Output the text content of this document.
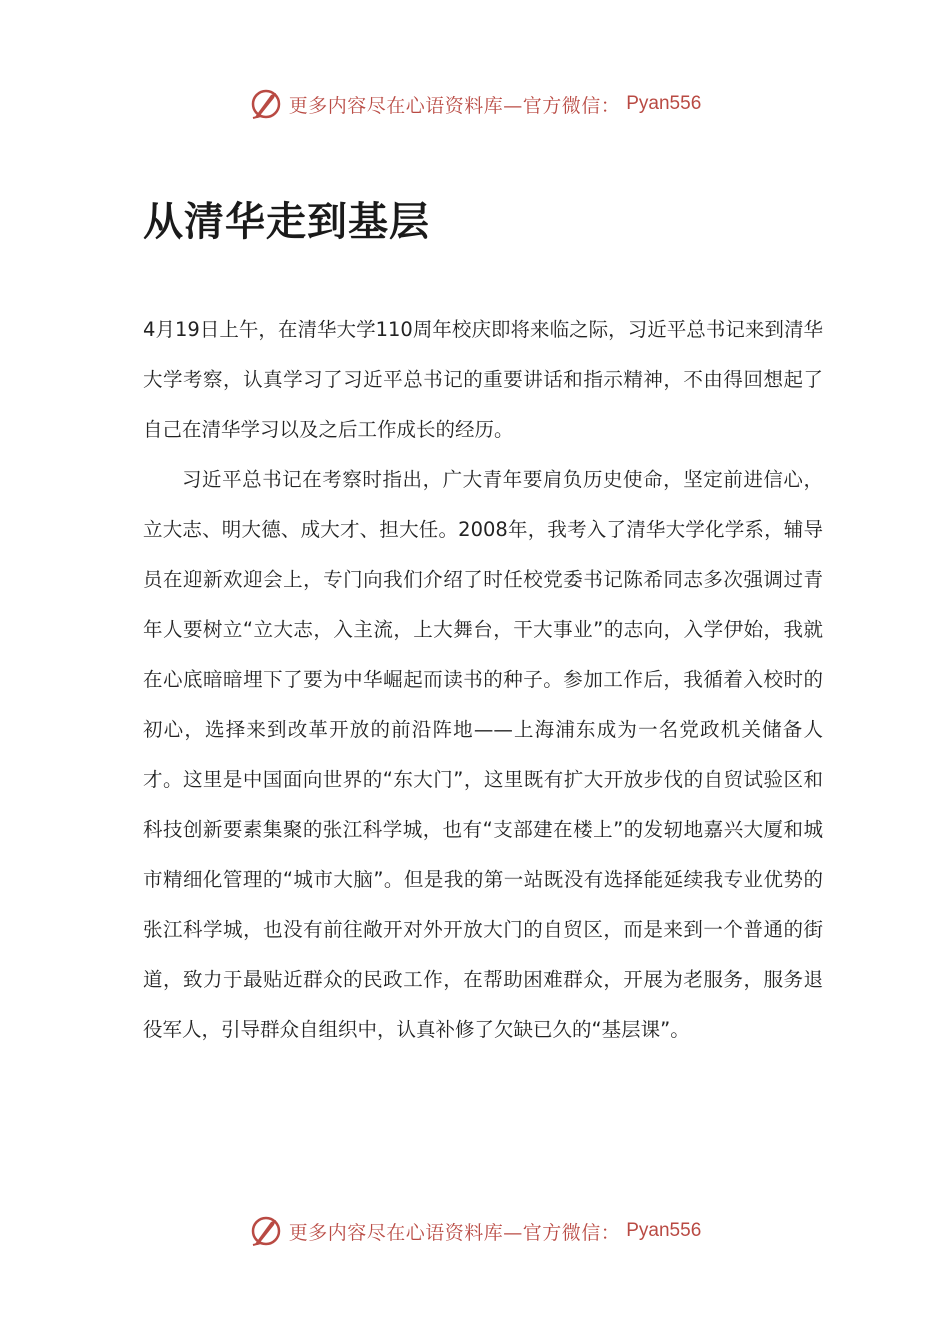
更多内容尽在心语资料库—官方微信： Pyan556
从清华走到基层

4月19日上午，在清华大学110周年校庆即将来临之际，习近平总书记来到清华大学考察，认真学习了习近平总书记的重要讲话和指示精神，不由得回想起了自己在清华学习以及之后工作成长的经历。

习近平总书记在考察时指出，广大青年要肩负历史使命，坚定前进信心，立大志、明大德、成大才、担大任。2008年，我考入了清华大学化学系，辅导员在迎新欢迎会上，专门向我们介绍了时任校党委书记陈希同志多次强调过青年人要树立“立大志，入主流，上大舞台，干大事业”的志向，入学伊始，我就在心底暗暗埋下了要为中华崛起而读书的种子。参加工作后，我循着入校时的初心，选择来到改革开放的前沿阵地——上海浦东成为一名党政机关储备人才。这里是中国面向世界的“东大门”，这里既有扩大开放步伐的自贸试验区和科技创新要素集聚的张江科学城，也有“支部建在楼上”的发轫地嘉兴大厦和城市精细化管理的“城市大脑”。但是我的第一站既没有选择能延续我专业优势的张江科学城，也没有前往敞开对外开放大门的自贸区，而是来到一个普通的街道，致力于最贴近群众的民政工作，在帮助困难群众，开展为老服务，服务退役军人，引导群众自组织中，认真补修了欠缺已久的“基层课”。

更多内容尽在心语资料库—官方微信： Pyan556
